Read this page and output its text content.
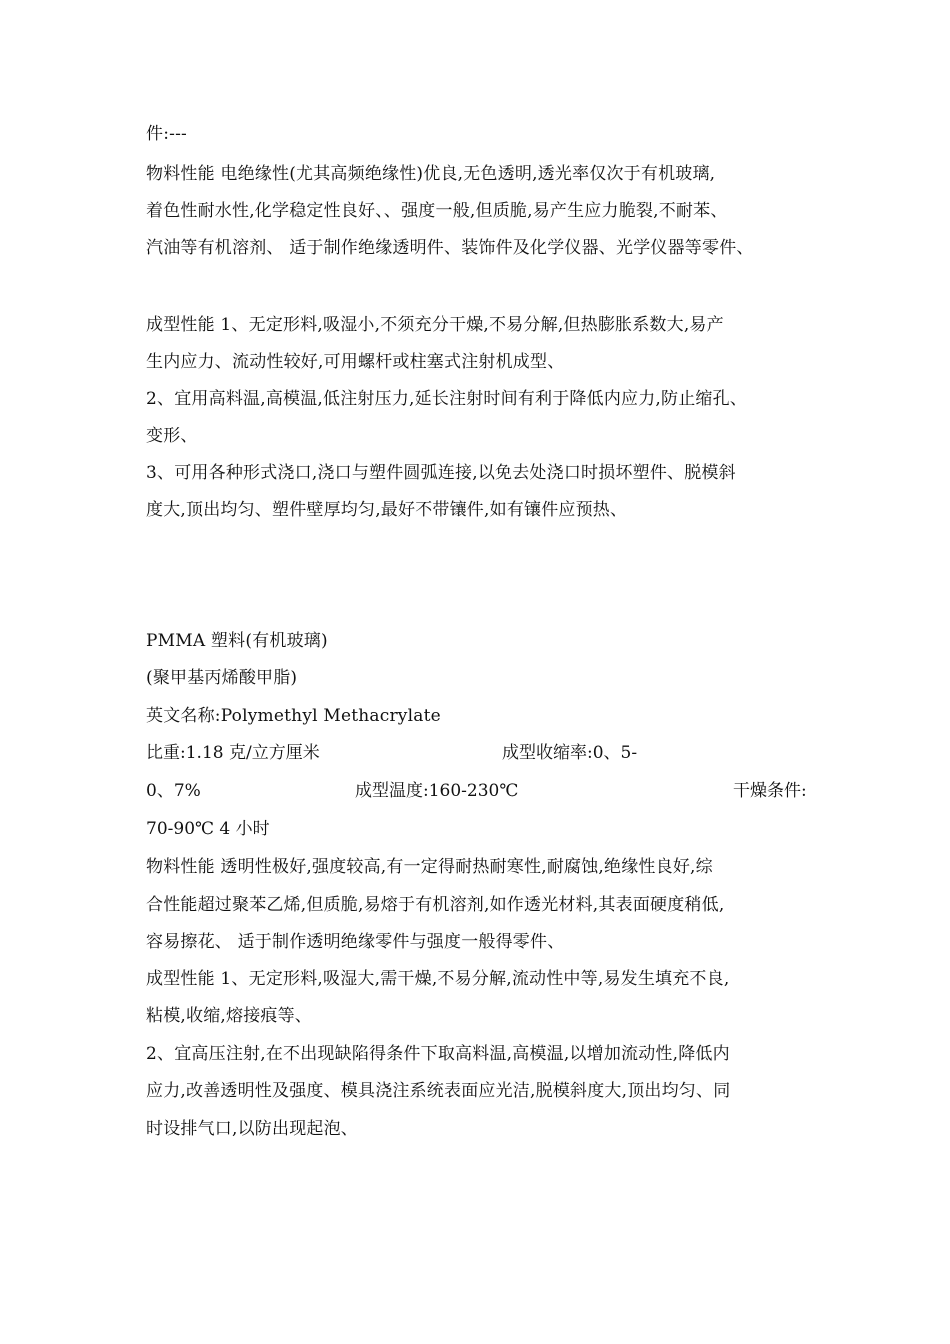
件:---
物料性能 电绝缘性(尤其高频绝缘性)优良,无色透明,透光率仅次于有机玻璃,
着色性耐水性,化学稳定性良好、、强度一般,但质脆,易产生应力脆裂,不耐苯、
汽油等有机溶剂、 适于制作绝缘透明件、装饰件及化学仪器、光学仪器等零件、
成型性能 1、无定形料,吸湿小,不须充分干燥,不易分解,但热膨胀系数大,易产
生内应力、流动性较好,可用螺杆或柱塞式注射机成型、
2、宜用高料温,高模温,低注射压力,延长注射时间有利于降低内应力,防止缩孔、
变形、
3、可用各种形式浇口,浇口与塑件圆弧连接,以免去处浇口时损坏塑件、脱模斜
度大,顶出均匀、塑件壁厚均匀,最好不带镶件,如有镶件应预热、
PMMA 塑料(有机玻璃)
(聚甲基丙烯酸甲脂)
英文名称:Polymethyl Methacrylate
比重:1.18 克/立方厘米	成型收缩率:0、5-
0、7%	成型温度:160-230℃	干燥条件:
70-90℃ 4 小时
物料性能 透明性极好,强度较高,有一定得耐热耐寒性,耐腐蚀,绝缘性良好,综
合性能超过聚苯乙烯,但质脆,易熔于有机溶剂,如作透光材料,其表面硬度稍低,
容易擦花、 适于制作透明绝缘零件与强度一般得零件、
成型性能 1、无定形料,吸湿大,需干燥,不易分解,流动性中等,易发生填充不良,
粘模,收缩,熔接痕等、
2、宜高压注射,在不出现缺陷得条件下取高料温,高模温,以增加流动性,降低内
应力,改善透明性及强度、模具浇注系统表面应光洁,脱模斜度大,顶出均匀、同
时设排气口,以防出现起泡、
